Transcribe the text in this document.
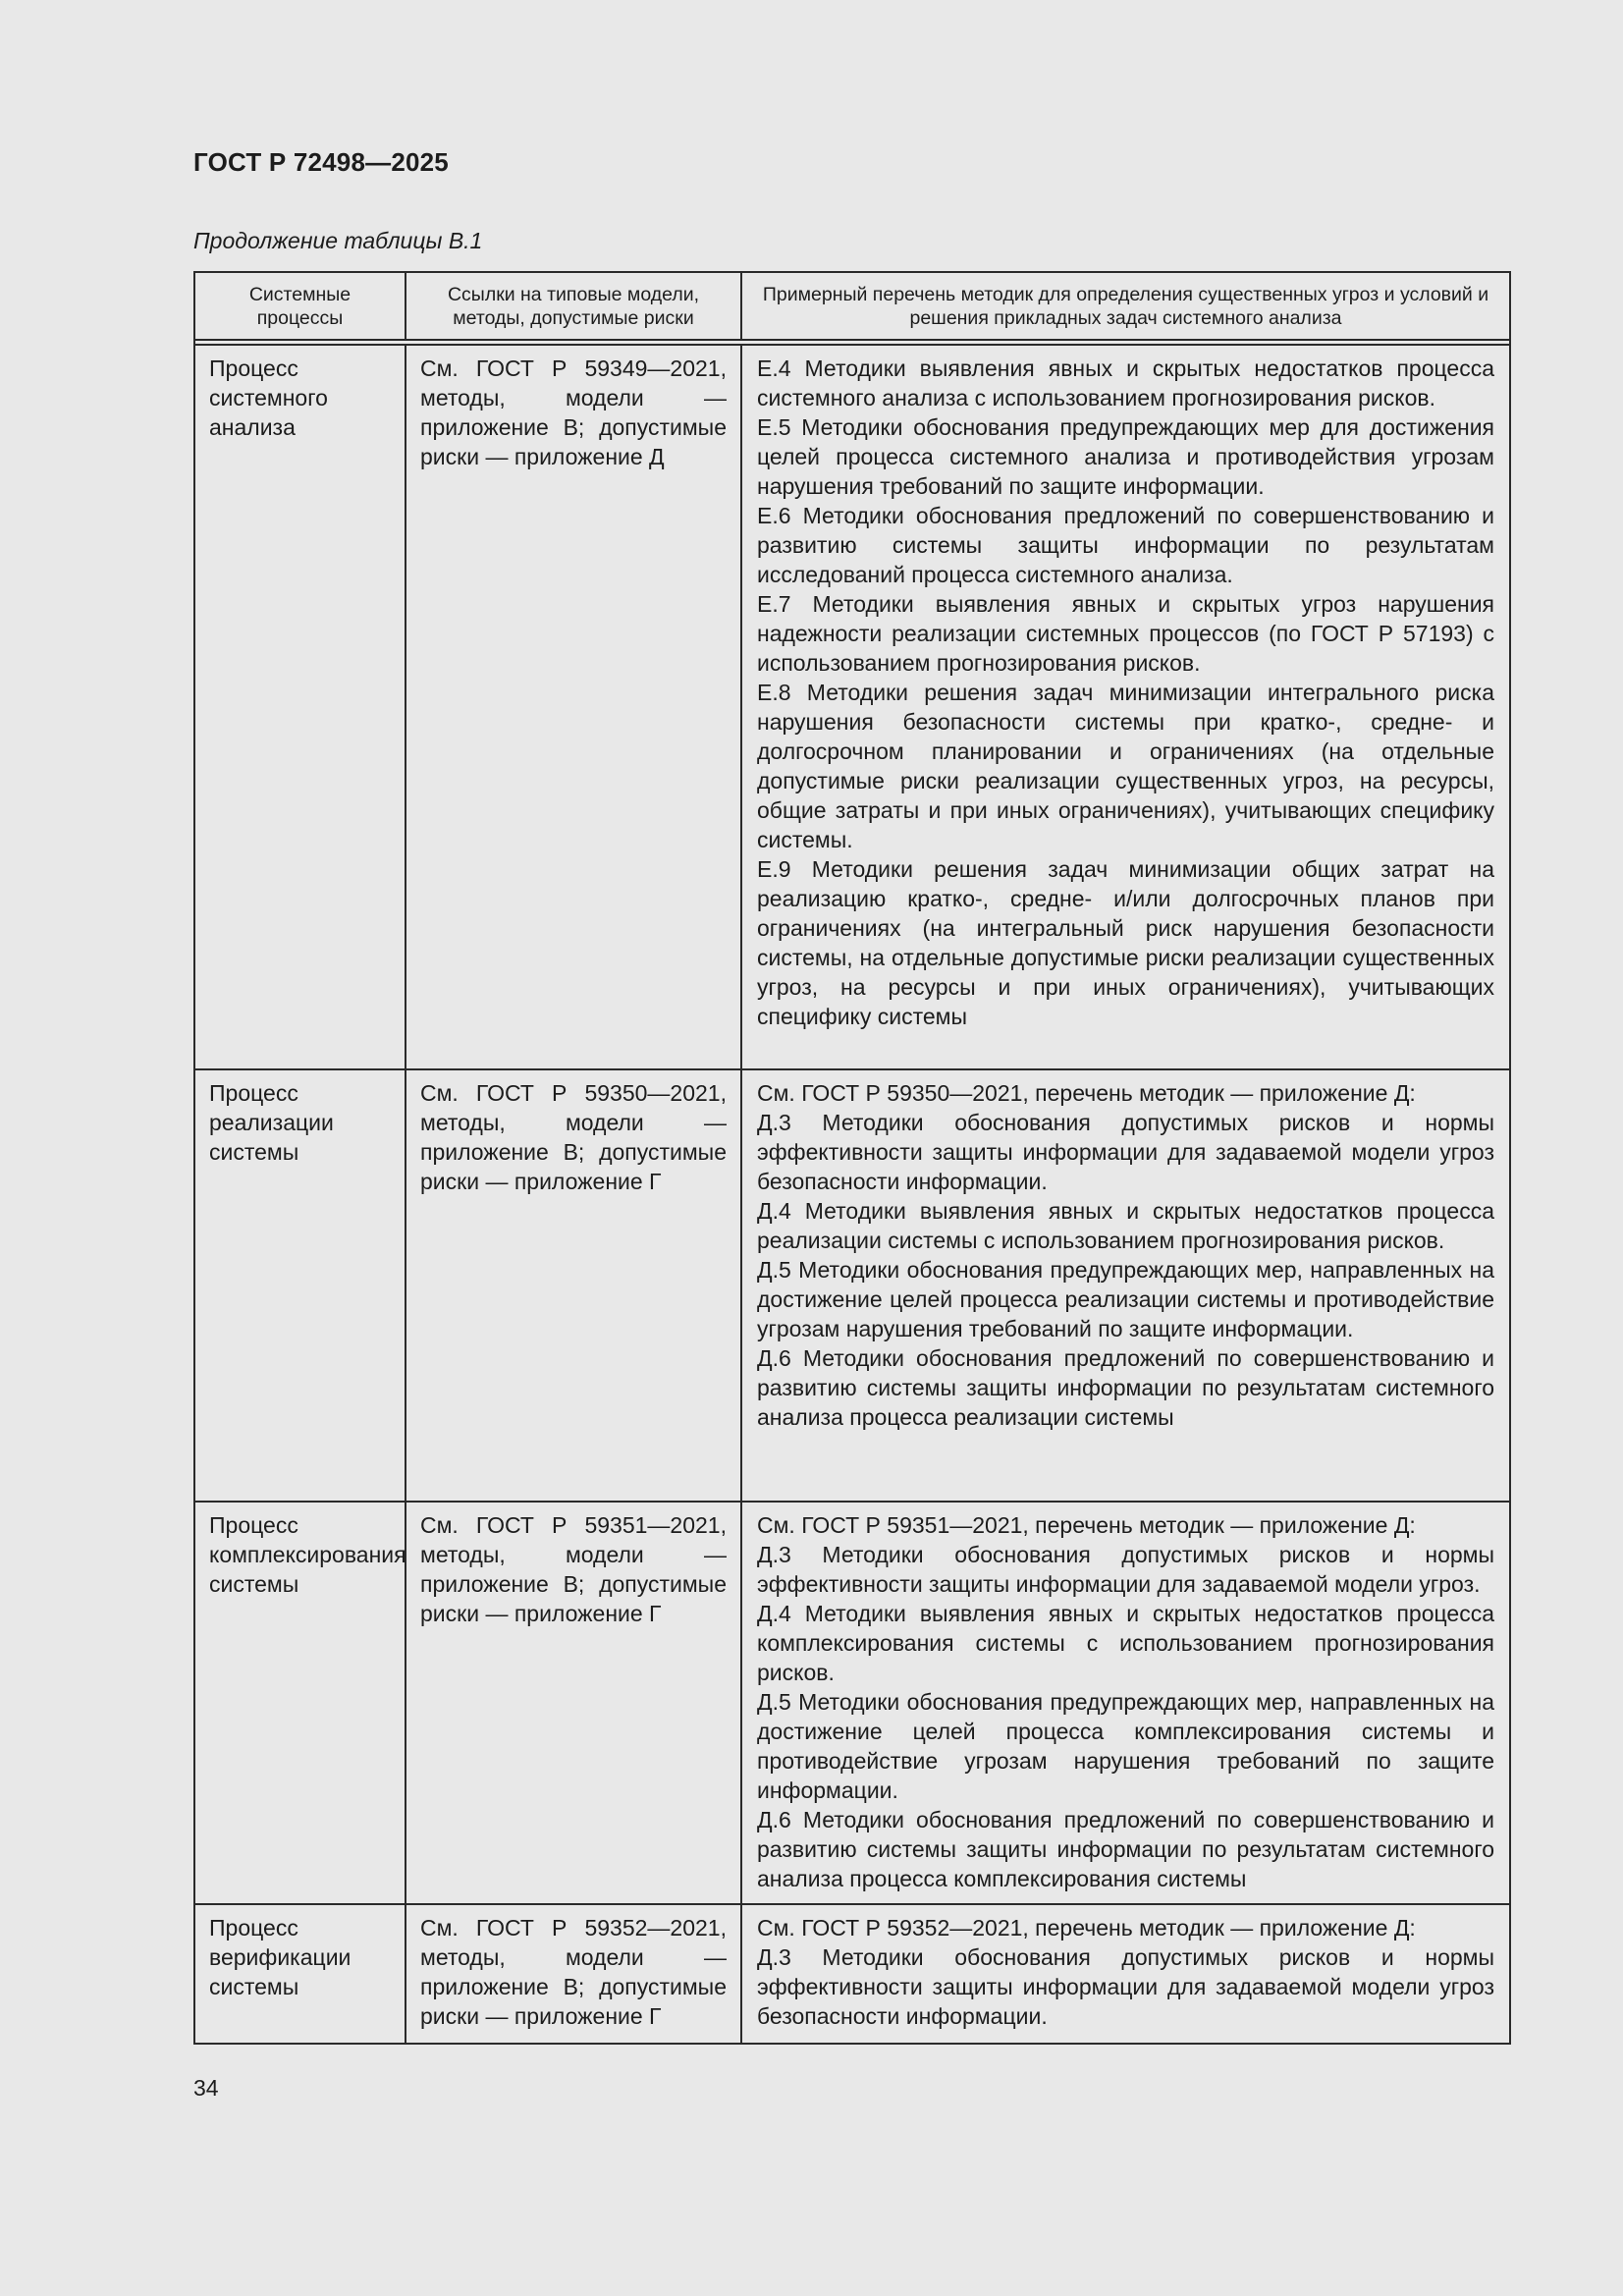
ГОСТ Р 72498—2025
Продолжение таблицы В.1
Системные процессы
Ссылки на типовые модели, методы, допустимые риски
Примерный перечень методик для определения существенных угроз и условий и решения прикладных задач системного анализа
Процесс системного анализа
См. ГОСТ Р 59349—2021, методы, модели — приложение В; допустимые риски — приложение Д

Е.4 Методики выявления явных и скрытых недостатков процесса системного анализа с использованием прогнозирования рисков.

Е.5 Методики обоснования предупреждающих мер для достижения целей процесса системного анализа и противодействия угрозам нарушения требований по защите информации.

Е.6 Методики обоснования предложений по совершенствованию и развитию системы защиты информации по результатам исследований процесса системного анализа.

Е.7 Методики выявления явных и скрытых угроз нарушения надежности реализации системных процессов (по ГОСТ Р 57193) с использованием прогнозирования рисков.

Е.8 Методики решения задач минимизации интегрального риска нарушения безопасности системы при кратко-, средне- и долгосрочном планировании и ограничениях (на отдельные допустимые риски реализации существенных угроз, на ресурсы, общие затраты и при иных ограничениях), учитывающих специфику системы.

Е.9 Методики решения задач минимизации общих затрат на реализацию кратко-, средне- и/или долгосрочных планов при ограничениях (на интегральный риск нарушения безопасности системы, на отдельные допустимые риски реализации существенных угроз, на ресурсы и при иных ограничениях), учитывающих специфику системы

Процесс реализации системы
См. ГОСТ Р 59350—2021, методы, модели — приложение В; допустимые риски — приложение Г

См. ГОСТ Р 59350—2021, перечень методик — приложение Д:

Д.3 Методики обоснования допустимых рисков и нормы эффективности защиты информации для задаваемой модели угроз безопасности информации.

Д.4 Методики выявления явных и скрытых недостатков процесса реализации системы с использованием прогнозирования рисков.

Д.5 Методики обоснования предупреждающих мер, направленных на достижение целей процесса реализации системы и противодействие угрозам нарушения требований по защите информации.

Д.6 Методики обоснования предложений по совершенствованию и развитию системы защиты информации по результатам системного анализа процесса реализации системы

Процесс комплексирования системы
См. ГОСТ Р 59351—2021, методы, модели — приложение В; допустимые риски — приложение Г

См. ГОСТ Р 59351—2021, перечень методик — приложение Д:

Д.3 Методики обоснования допустимых рисков и нормы эффективности защиты информации для задаваемой модели угроз.

Д.4 Методики выявления явных и скрытых недостатков процесса комплексирования системы с использованием прогнозирования рисков.

Д.5 Методики обоснования предупреждающих мер, направленных на достижение целей процесса комплексирования системы и противодействие угрозам нарушения требований по защите информации.

Д.6 Методики обоснования предложений по совершенствованию и развитию системы защиты информации по результатам системного анализа процесса комплексирования системы

Процесс верификации системы
См. ГОСТ Р 59352—2021, методы, модели — приложение В; допустимые риски — приложение Г

См. ГОСТ Р 59352—2021, перечень методик — приложение Д:

Д.3 Методики обоснования допустимых рисков и нормы эффективности защиты информации для задаваемой модели угроз безопасности информации.

34
